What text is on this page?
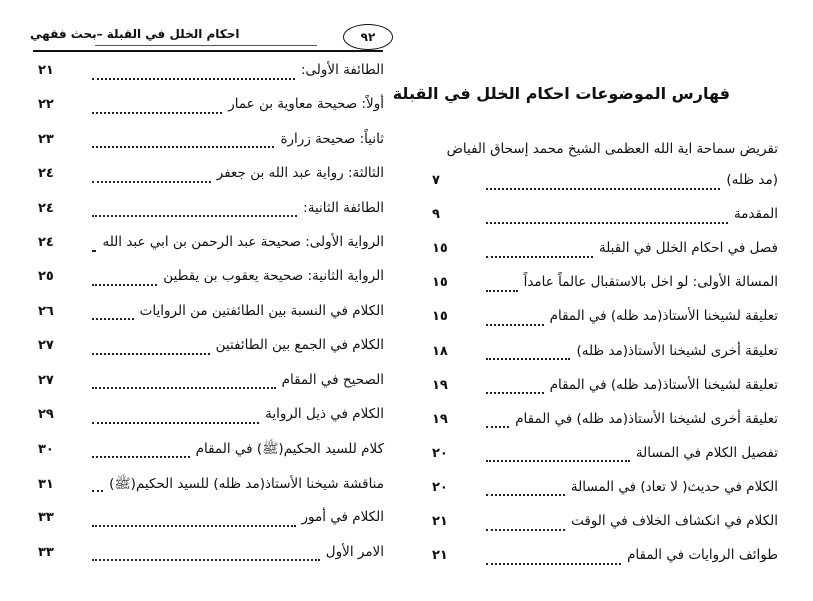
احكام الخلل في القبلة –بحث فقهي	٩٢
الطائفة الأولى:
٢١
أولاً: صحيحة معاوية بن عمار
٢٢
ثانياً: صحيحة زرارة
٢٣
الثالثة: رواية عبد الله بن جعفر
٢٤
الطائفة الثانية:
٢٤
الرواية الأولى: صحيحة عبد الرحمن بن ابي عبد الله
٢٤
الرواية الثانية: صحيحة يعقوب بن يقطين
٢٥
الكلام في النسبة بين الطائفتين من الروايات
٢٦
الكلام في الجمع بين الطائفتين
٢٧
الصحيح في المقام
٢٧
الكلام في ذيل الرواية
٢٩
كلام للسيد الحكيم(ﷺ) في المقام
٣٠
مناقشة شيخنا الأستاذ(مد ظله) للسيد الحكيم(ﷺ)
٣١
الكلام في أمور
٣٣
الامر الأول
٣٣
فهارس الموضوعات احكام الخلل في القبلة
تقريض سماحة اية الله العظمى الشيخ محمد إسحاق الفياض
(مد ظله)
٧
المقدمة
٩
فصل في احكام الخلل في القبلة
١٥
المسالة الأولى: لو اخل بالاستقبال عالماً عامداً
١٥
تعليقة لشيخنا الأستاذ(مد ظله) في المقام
١٥
تعليقة أخرى لشيخنا الأستاذ(مد ظله)
١٨
تعليقة لشيخنا الأستاذ(مد ظله) في المقام
١٩
تعليقة أخرى لشيخنا الأستاذ(مد ظله) في المقام
١٩
تفصيل الكلام في المسالة
٢٠
الكلام في حديث( لا تعاد) في المسالة
٢٠
الكلام في انكشاف الخلاف في الوقت
٢١
طوائف الروايات في المقام
٢١
